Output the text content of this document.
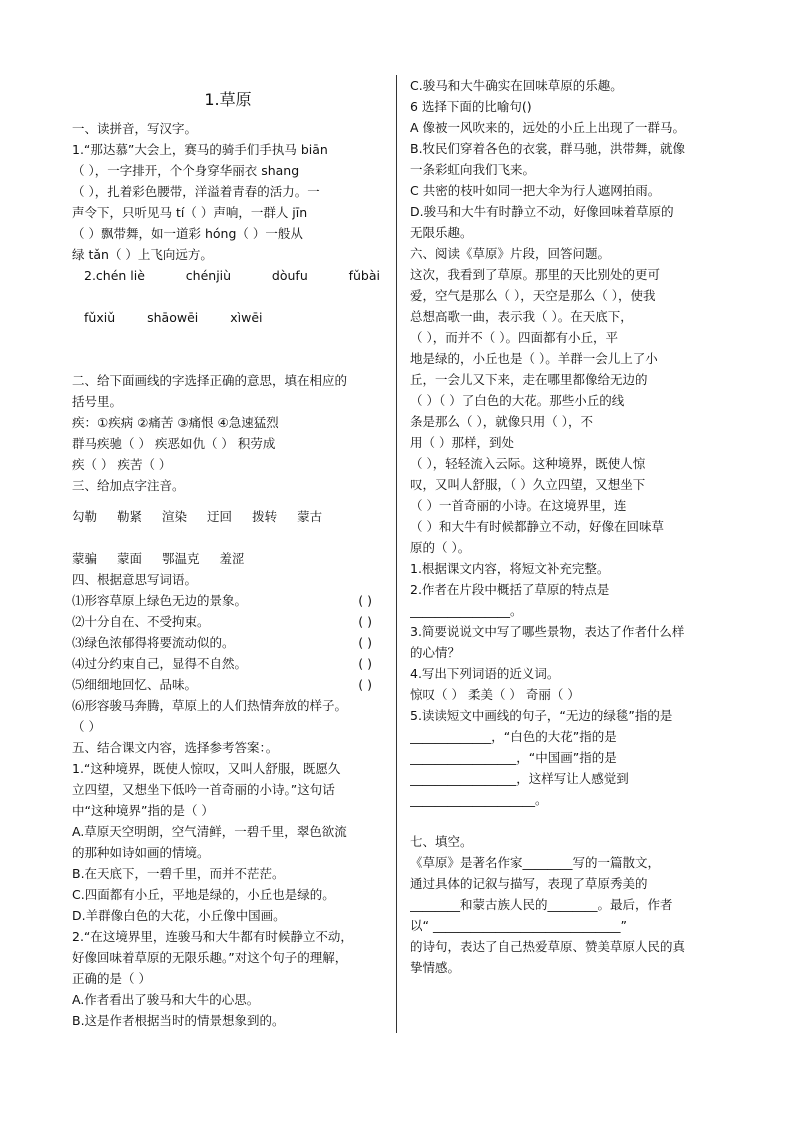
1.草原
一、读拼音，写汉字。
1.“那达慕”大会上，赛马的骑手们手执马 biān
（ ），一字排开，个个身穿华丽衣 shang
（ ），扎着彩色腰带，洋溢着青春的活力。一
声令下，只听见马 tí（ ）声响，一群人 jīn
（ ）飘带舞，如一道彩 hóng（ ）一般从
绿 tǎn（ ）上飞向远方。
2.chén liè	chénjiù	dòufu	fǔbài
fǔxiǔ	shāowēi	xìwēi
二、给下面画线的字选择正确的意思，填在相应的
括号里。
疾：①疾病 ②痛苦 ③痛恨 ④急速猛烈
群马疾驰（ ） 疾恶如仇（ ） 积劳成
疾（ ） 疾苦（ ）
三、给加点字注音。
勾勒 勒紧 渲染 迂回 拨转 蒙古
蒙骗 蒙面 鄂温克 羞涩
四、根据意思写词语。
⑴形容草原上绿色无边的景象。	( )
⑵十分自在、不受拘束。	( )
⑶绿色浓郁得将要流动似的。	( )
⑷过分约束自己，显得不自然。	( )
⑸细细地回忆、品味。	( )
⑹形容骏马奔腾，草原上的人们热情奔放的样子。
（ ）
五、结合课文内容，选择参考答案：。
1.“这种境界，既使人惊叹，又叫人舒服，既愿久
立四望，又想坐下低吟一首奇丽的小诗。”这句话
中“这种境界”指的是（ ）
A.草原天空明朗，空气清鲜，一碧千里，翠色欲流
的那种如诗如画的情境。
B.在天底下，一碧千里，而并不茫茫。
C.四面都有小丘，平地是绿的，小丘也是绿的。
D.羊群像白色的大花，小丘像中国画。
2.“在这境界里，连骏马和大牛都有时候静立不动，
好像回味着草原的无限乐趣。”对这个句子的理解，
正确的是（ ）
A.作者看出了骏马和大牛的心思。
B.这是作者根据当时的情景想象到的。
C.骏马和大牛确实在回味草原的乐趣。
6 选择下面的比喻句()
A 像被一风吹来的，远处的小丘上出现了一群马。
B.牧民们穿着各色的衣裳，群马驰，洪带舞，就像
一条彩虹向我们飞来。
C 共密的枝叶如同一把大伞为行人遮网拍雨。
D.骏马和大牛有时静立不动，好像回味着草原的
无限乐趣。
六、阅读《草原》片段，回答问题。
这次，我看到了草原。那里的天比别处的更可
爱，空气是那么（ ），天空是那么（ ），使我
总想高歌一曲，表示我（ ）。在天底下，
（ ），而并不（ ）。四面都有小丘，平
地是绿的，小丘也是（ ）。羊群一会儿上了小
丘，一会儿又下来，走在哪里都像给无边的
（ ）（ ）了白色的大花。那些小丘的线
条是那么（ ），就像只用（ ），不
用（ ）那样，到处
（ ），轻轻流入云际。这种境界，既使人惊
叹，又叫人舒服，（ ）久立四望，又想坐下
（ ）一首奇丽的小诗。在这境界里，连
（ ）和大牛有时候都静立不动，好像在回味草
原的（ ）。
1.根据课文内容，将短文补充完整。
2.作者在片段中概括了草原的特点是
________________。
3.简要说说文中写了哪些景物，表达了作者什么样
的心情？
4.写出下列词语的近义词。
惊叹（ ） 柔美（ ） 奇丽（ ）
5.读读短文中画线的句子，“无边的绿毯”指的是
_____________，“白色的大花”指的是
_________________，“中国画”指的是
_________________，这样写让人感觉到
____________________。
七、填空。
《草原》是著名作家________写的一篇散文，
通过具体的记叙与描写，表现了草原秀美的
________和蒙古族人民的________。最后，作者
以“ ______________________________”
的诗句，表达了自己热爱草原、赞美草原人民的真
挚情感。
